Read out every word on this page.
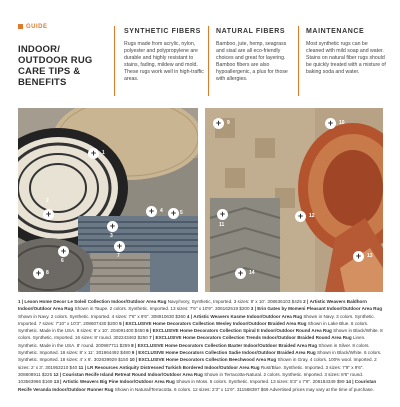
GUIDE
INDOOR/ OUTDOOR RUG CARE TIPS & BENEFITS
SYNTHETIC FIBERS

Rugs made from acrylic, nylon, polyester and polypropylene are durable and highly resistant to stains, fading, mildew and mold. These rugs work well in high-traffic areas.

NATURAL FIBERS

Bamboo, jute, hemp, seagrass and sisal are all eco-friendly choices and great for layering. Bamboo fibers are also hypoallergenic, a plus for those with allergies.

MAINTENANCE

Most synthetic rugs can be cleaned with mild soap and water. Stains on natural fiber rugs should be quickly treated with a mixture of baking soda and water.

+
+
+
+	+
+	+
+
1
2
3
4	5
6
7
8
+	+
+	+
+
+
9	10
11
12
13
14
1 | Lexon Home Decor Le Soleil Collection Indoor/Outdoor Area Rug Navy/Ivory, Synthetic, Imported. 3 sizes: 8' x 10'. 308636103 $425 2 | Artistic Weavers Baldhorn Indoor/Outdoor Area Rug Shown in Taupe. 2 colors. Synthetic. Imported. 13 sizes: 7'6" x 10'9". 306162519 $200 3 | Erin Gates by Momeni Pleasant Indoor/Outdoor Area Rug Shown in Navy. 2 colors. Synthetic. Imported. 4 sizes: 7'6" x 9'6". 308910630 $360 4 | Artistic Weavers Kasme Indoor/Outdoor Area Rug Shown in Navy. 3 colors. Synthetic. Imported. 7 sizes: 7'10" x 10'3". 208607430 $200 5 | EXCLUSIVE Home Decorators Collection Wesley Indoor/Outdoor Braided Area Rug Shown in Lake Blue. 6 colors. Synthetic. Made in the USA. 8 sizes: 8' x 10'. 204091400 $450 6 | EXCLUSIVE Home Decorators Collection Spiral II Indoor/Outdoor Round Area Rug Shown in Black/White. 8 colors. Synthetic. Imported. 16 sizes: 8' round. 302243463 $250 7 | EXCLUSIVE Home Decorators Collection Trends Indoor/Outdoor Braided Round Area Rug Linen. Synthetic. Made in the USA. 8' round. 200987711 $259 8 | EXCLUSIVE Home Decorators Collection Baxter Indoor/Outdoor Braided Area Rug Shown in Silver. 8 colors. Synthetic. Imported. 18 sizes: 8' x 11'. 301964492 $480 9 | EXCLUSIVE Home Decorators Collection Sadie Indoor/Outdoor Braided Area Rug Shown in Black/White. 6 colors. Synthetic. Imported. 18 sizes: 4' x 6'. 302639929 $150 10 | EXCLUSIVE Home Decorators Collection Beechwood Area Rug Shown in Gray. 4 colors. 100% wool. Imported. 2 sizes: 2' x 3'. 301953210 $40 11 | LR Resources Antiquity Distressed Turkish Bordered Indoor/Outdoor Area Rug Rust/Blue. Synthetic. Imported. 3 sizes: 7'9" x 9'6". 308808911 $225 12 | Couristan Recife Island Retreat Round Indoor/Outdoor Area Rug Shown in Terracotta-Natural. 2 colors. Synthetic. Imported. 3 sizes: 8'6" round. 103563966 $169 13 | Artistic Weavers Big Pine Indoor/Outdoor Area Rug Shown in Moss. 5 colors. Synthetic. Imported. 13 sizes: 5'3" x 7'6". 206184349 $99 14 | Couristan Recife Veranda Indoor/Outdoor Runner Rug Shown in Natural/Terracotta. 6 colors. 12 sizes: 2'3" x 11'9". 311568397 $69 Advertised prices may vary at the time of purchase.
